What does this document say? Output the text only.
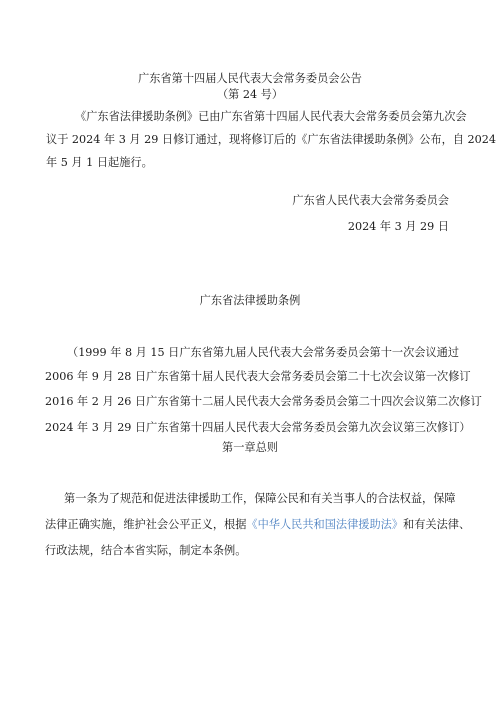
广东省第十四届人民代表大会常务委员会公告
（第 24 号）
《广东省法律援助条例》已由广东省第十四届人民代表大会常务委员会第九次会
议于 2024 年 3 月 29 日修订通过，现将修订后的《广东省法律援助条例》公布，自 2024
年 5 月 1 日起施行。
广东省人民代表大会常务委员会
2024 年 3 月 29 日
广东省法律援助条例
（1999 年 8 月 15 日广东省第九届人民代表大会常务委员会第十一次会议通过
2006 年 9 月 28 日广东省第十届人民代表大会常务委员会第二十七次会议第一次修订
2016 年 2 月 26 日广东省第十二届人民代表大会常务委员会第二十四次会议第二次修订
2024 年 3 月 29 日广东省第十四届人民代表大会常务委员会第九次会议第三次修订）
第一章总则
第一条为了规范和促进法律援助工作，保障公民和有关当事人的合法权益，保障
法律正确实施，维护社会公平正义，根据《中华人民共和国法律援助法》和有关法律、
行政法规，结合本省实际，制定本条例。
